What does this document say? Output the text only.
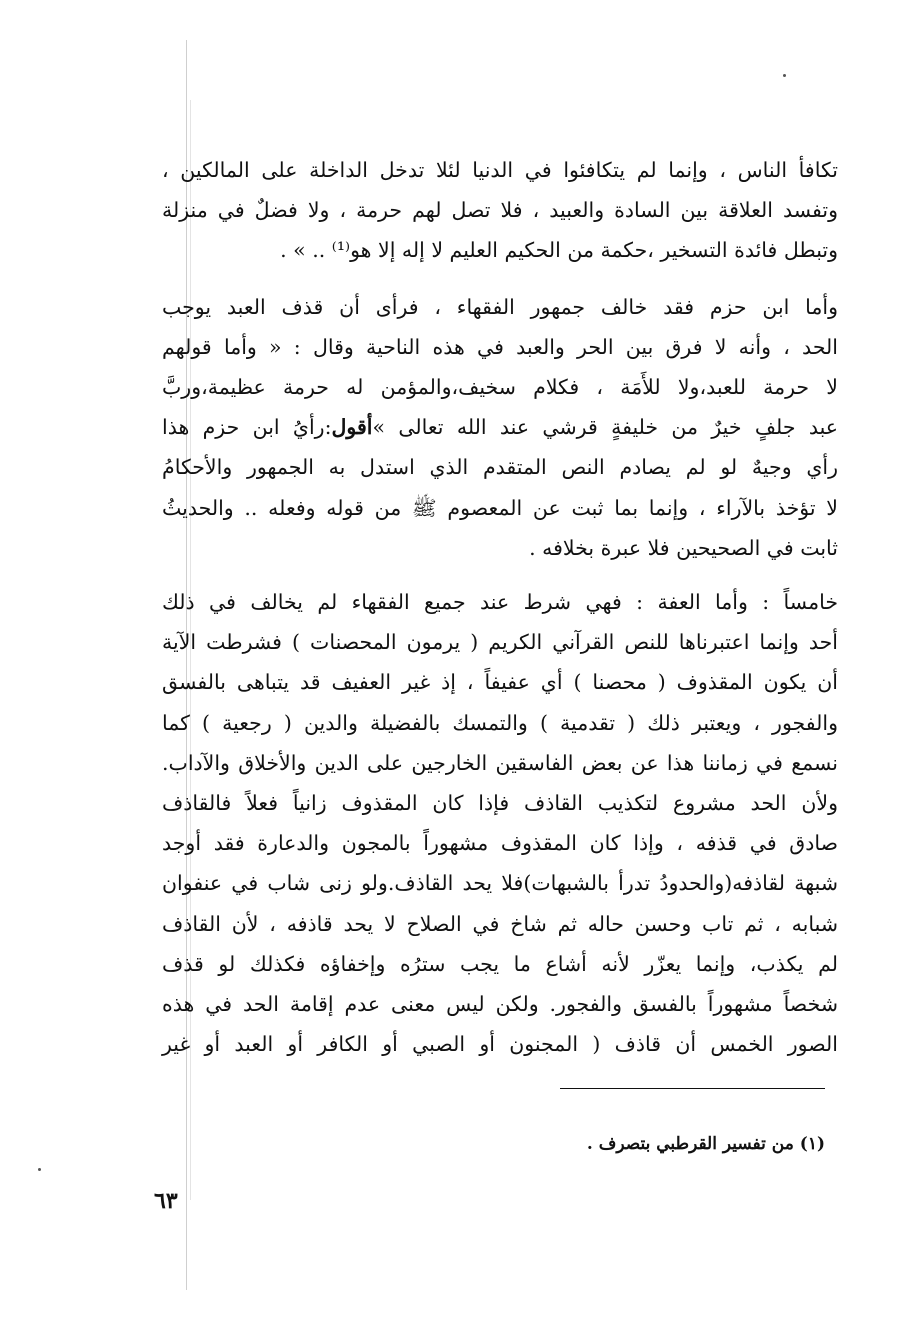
تكافأ الناس ، وإنما لم يتكافئوا في الدنيا لئلا تدخل الداخلة على المالكين ،
وتفسد العلاقة بين السادة والعبيد ، فلا تصل لهم حرمة ، ولا فضلٌ في منزلة
وتبطل فائدة التسخير ،حكمة من الحكيم العليم لا إله إلا هو⁽¹⁾ .. » .
وأما ابن حزم فقد خالف جمهور الفقهاء ، فرأى أن قذف العبد يوجب
الحد ، وأنه لا فرق بين الحر والعبد في هذه الناحية وقال : « وأما قولهم
لا حرمة للعبد،ولا للأَمَة ، فكلام سخيف،والمؤمن له حرمة عظيمة،وربَّ
عبد جلفٍ خيرٌ من خليفةٍ قرشي عند الله تعالى »أقول:رأيُ ابن حزم هذا
رأي وجيهٌ لو لم يصادم النص المتقدم الذي استدل به الجمهور والأحكامُ
لا تؤخذ بالآراء ، وإنما بما ثبت عن المعصوم ﷺ من قوله وفعله .. والحديثُ
ثابت في الصحيحين فلا عبرة بخلافه .
خامساً : وأما العفة : فهي شرط عند جميع الفقهاء لم يخالف في ذلك
أحد وإنما اعتبرناها للنص القرآني الكريم ( يرمون المحصنات ) فشرطت الآية
أن يكون المقذوف ( محصنا ) أي عفيفاً ، إذ غير العفيف قد يتباهى بالفسق
والفجور ، ويعتبر ذلك ( تقدمية ) والتمسك بالفضيلة والدين ( رجعية ) كما
نسمع في زماننا هذا عن بعض الفاسقين الخارجين على الدين والأخلاق والآداب.
ولأن الحد مشروع لتكذيب القاذف فإذا كان المقذوف زانياً فعلاً فالقاذف
صادق في قذفه ، وإذا كان المقذوف مشهوراً بالمجون والدعارة فقد أوجد
شبهة لقاذفه(والحدودُ تدرأ بالشبهات)فلا يحد القاذف.ولو زنى شاب في عنفوان
شبابه ، ثم تاب وحسن حاله ثم شاخ في الصلاح لا يحد قاذفه ، لأن القاذف
لم يكذب، وإنما يعزّر لأنه أشاع ما يجب سترُه وإخفاؤه فكذلك لو قذف
شخصاً مشهوراً بالفسق والفجور. ولكن ليس معنى عدم إقامة الحد في هذه
الصور الخمس أن قاذف ( المجنون أو الصبي أو الكافر أو العبد أو غير
(١) من تفسير القرطبي بتصرف .
٦٣
